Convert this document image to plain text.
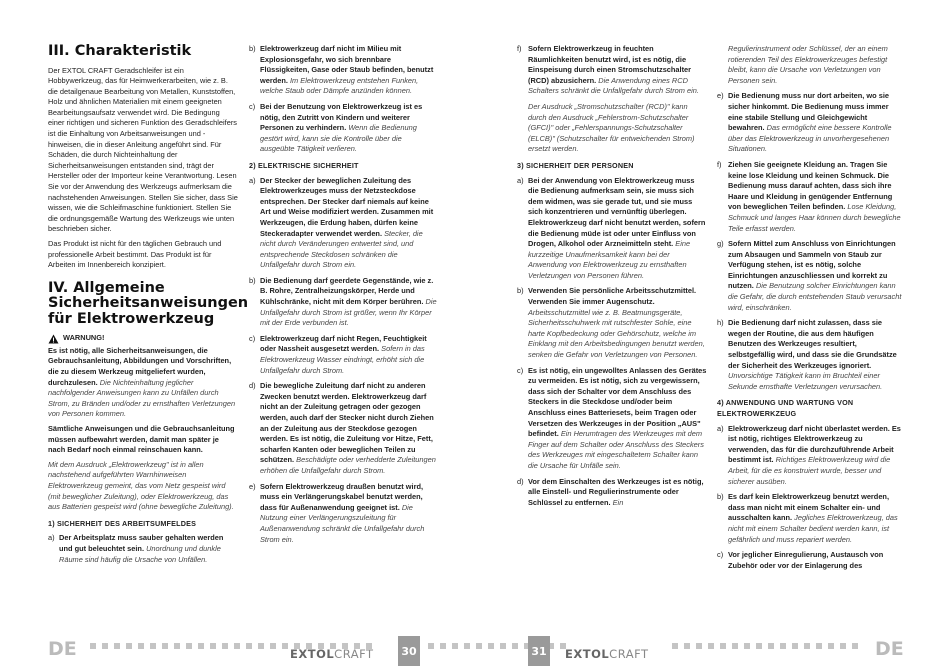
III. Charakteristik

Der EXTOL CRAFT Geradschleifer ist ein Hobbywerkzeug, das für Heimwerkerarbeiten, wie z. B. die detailgenaue Bearbeitung von Metallen, Kunststoffen, Holz und ähnlichen Materialien mit einem geeigneten Bearbeitungsaufsatz verwendet wird. Die Bedingung einer richtigen und sicheren Funktion des Geradschleifers ist die Einhaltung von Arbeitsanweisungen und -hinweisen, die in dieser Anleitung angeführt sind. Für Schäden, die durch Nichteinhaltung der Sicherheitsanweisungen entstanden sind, trägt der Hersteller oder der Importeur keine Verantwortung. Lesen Sie vor der Anwendung des Werkzeugs aufmerksam die nachstehenden Anweisungen. Stellen Sie sicher, dass Sie wissen, wie die Schleifmaschine funktioniert. Stellen Sie die ordnungsgemäße Wartung des Werkzeugs wie unten beschrieben sicher.

Das Produkt ist nicht für den täglichen Gebrauch und professionelle Arbeit bestimmt. Das Produkt ist für Arbeiten im Innenbereich konzipiert.

IV. Allgemeine Sicherheitsanweisungen für Elektrowerkzeug
WARNUNG!

Es ist nötig, alle Sicherheitsanweisungen, die Gebrauchsanleitung, Abbildungen und Vorschriften, die zu diesem Werkzeug mitgeliefert wurden, durchzulesen. Die Nichteinhaltung jeglicher nachfolgender Anweisungen kann zu Unfällen durch Strom, zu Bränden und/oder zu ernsthaften Verletzungen von Personen kommen.

Sämtliche Anweisungen und die Gebrauchsanleitung müssen aufbewahrt werden, damit man später je nach Bedarf noch einmal reinschauen kann.

Mit dem Ausdruck „Elektrowerkzeug" ist in allen nachstehend aufgeführten Warnhinweisen Elektrowerkzeug gemeint, das vom Netz gespeist wird (mit beweglicher Zuleitung), oder Elektrowerkzeug, das aus Batterien gespeist wird (ohne bewegliche Zuleitung).

1) SICHERHEIT DES ARBEITSUMFELDES
a) Der Arbeitsplatz muss sauber gehalten werden und gut beleuchtet sein. Unordnung und dunkle Räume sind häufig die Ursache von Unfällen.
b) Elektrowerkzeug darf nicht im Milieu mit Explosionsgefahr, wo sich brennbare Flüssigkeiten, Gase oder Staub befinden, benutzt werden. Im Elektrowerkzeug entstehen Funken, welche Staub oder Dämpfe anzünden können.
c) Bei der Benutzung von Elektrowerkzeug ist es nötig, den Zutritt von Kindern und weiterer Personen zu verhindern. Wenn die Bedienung gestört wird, kann sie die Kontrolle über die ausgeübte Tätigkeit verlieren.
2) ELEKTRISCHE SICHERHEIT
a) Der Stecker der beweglichen Zuleitung des Elektrowerkzeuges muss der Netzsteckdose entsprechen. Der Stecker darf niemals auf keine Art und Weise modifiziert werden. Zusammen mit Werkzeugen, die Erdung haben, dürfen keine Steckeradapter verwendet werden. Stecker, die nicht durch Veränderungen entwertet sind, und entsprechende Steckdosen schränken die Unfallgefahr durch Strom ein.
b) Die Bedienung darf geerdete Gegenstände, wie z. B. Rohre, Zentralheizungskörper, Herde und Kühlschränke, nicht mit dem Körper berühren. Die Unfallgefahr durch Strom ist größer, wenn Ihr Körper mit der Erde verbunden ist.
c) Elektrowerkzeug darf nicht Regen, Feuchtigkeit oder Nassheit ausgesetzt werden. Sofern in das Elektrowerkzeug Wasser eindringt, erhöht sich die Unfallgefahr durch Strom.
d) Die bewegliche Zuleitung darf nicht zu anderen Zwecken benutzt werden. Elektrowerkzeug darf nicht an der Zuleitung getragen oder gezogen werden, auch darf der Stecker nicht durch Ziehen an der Zuleitung aus der Steckdose gezogen werden. Es ist nötig, die Zuleitung vor Hitze, Fett, scharfen Kanten oder beweglichen Teilen zu schützen. Beschädigte oder verhedderte Zuleitungen erhöhen die Unfallgefahr durch Strom.
e) Sofern Elektrowerkzeug draußen benutzt wird, muss ein Verlängerungskabel benutzt werden, dass für Außenanwendung geeignet ist. Die Nutzung einer Verlängerungszuleitung für Außenanwendung schränkt die Unfallgefahr durch Strom ein.
f) Sofern Elektrowerkzeug in feuchten Räumlichkeiten benutzt wird, ist es nötig, die Einspeisung durch einen Stromschutzschalter (RCD) abzusichern. Die Anwendung eines RCD Schalters schränkt die Unfallgefahr durch Strom ein.
Der Ausdruck „Stromschutzschalter (RCD)" kann durch den Ausdruck „Fehlerstrom-Schutzschalter (GFCI)" oder „Fehlerspannungs-Schutzschalter (ELCB)" (Schutzschalter für entweichenden Strom) ersetzt werden.
3) SICHERHEIT DER PERSONEN
a) Bei der Anwendung von Elektrowerkzeug muss die Bedienung aufmerksam sein, sie muss sich dem widmen, was sie gerade tut, und sie muss sich konzentrieren und vernünftig überlegen. Elektrowerkzeug darf nicht benutzt werden, sofern die Bedienung müde ist oder unter Einfluss von Drogen, Alkohol oder Arzneimitteln steht. Eine kurzzeitige Unaufmerksamkeit kann bei der Anwendung von Elektrowerkzeug zu ernsthaften Verletzungen von Personen führen.
b) Verwenden Sie persönliche Arbeitsschutzmittel. Verwenden Sie immer Augenschutz. Arbeitsschutzmittel wie z. B. Beatmungsgeräte, Sicherheitsschuhwerk mit rutschfester Sohle, eine harte Kopfbedeckung oder Gehörschutz, welche im Einklang mit den Arbeitsbedingungen benutzt werden, senken die Gefahr von Verletzungen von Personen.
c) Es ist nötig, ein ungewolltes Anlassen des Gerätes zu vermeiden. Es ist nötig, sich zu vergewissern, dass sich der Schalter vor dem Anschluss des Steckers in die Steckdose und/oder beim Anschluss eines Batteriesets, beim Tragen oder Versetzen des Werkzeuges in der Position „AUS" befindet. Ein Herumtragen des Werkzeuges mit dem Finger auf dem Schalter oder Anschluss des Steckers des Werkzeuges mit eingeschaltetem Schalter kann die Ursache für Unfälle sein.
d) Vor dem Einschalten des Werkzeuges ist es nötig, alle Einstell- und Regulierinstrumente oder Schlüssel zu entfernen. Ein
Regulierinstrument oder Schlüssel, der an einem rotierenden Teil des Elektrowerkzeuges befestigt bleibt, kann die Ursache von Verletzungen von Personen sein.
e) Die Bedienung muss nur dort arbeiten, wo sie sicher hinkommt. Die Bedienung muss immer eine stabile Stellung und Gleichgewicht bewahren. Das ermöglicht eine bessere Kontrolle über das Elektrowerkzeug in unvorhergesehenen Situationen.
f) Ziehen Sie geeignete Kleidung an. Tragen Sie keine lose Kleidung und keinen Schmuck. Die Bedienung muss darauf achten, dass sich ihre Haare und Kleidung in genügender Entfernung von beweglichen Teilen befinden. Lose Kleidung, Schmuck und langes Haar können durch bewegliche Teile erfasst werden.
g) Sofern Mittel zum Anschluss von Einrichtungen zum Absaugen und Sammeln von Staub zur Verfügung stehen, ist es nötig, solche Einrichtungen anzuschliessen und korrekt zu nutzen. Die Benutzung solcher Einrichtungen kann die Gefahr, die durch entstehenden Staub verursacht wird, einschränken.
h) Die Bedienung darf nicht zulassen, dass sie wegen der Routine, die aus dem häufigen Benutzen des Werkzeuges resultiert, selbstgefällig wird, und dass sie die Grundsätze der Sicherheit des Werkzeuges ignoriert. Unvorsichtige Tätigkeit kann im Bruchteil einer Sekunde ernsthafte Verletzungen verursachen.
4) ANWENDUNG UND WARTUNG VON ELEKTROWERKZEUG
a) Elektrowerkzeug darf nicht überlastet werden. Es ist nötig, richtiges Elektrowerkzeug zu verwenden, das für die durchzuführende Arbeit bestimmt ist. Richtiges Elektrowerkzeug wird die Arbeit, für die es konstruiert wurde, besser und sicherer ausüben.
b) Es darf kein Elektrowerkzeug benutzt werden, dass man nicht mit einem Schalter ein- und ausschalten kann. Jegliches Elektrowerkzeug, das nicht mit einem Schalter bedient werden kann, ist gefährlich und muss repariert werden.
c) Vor jeglicher Einregulierung, Austausch von Zubehör oder vor der Einlagerung des
DE	EXTOLCRAFT	30	31 EXTOLCRAFT	DE
